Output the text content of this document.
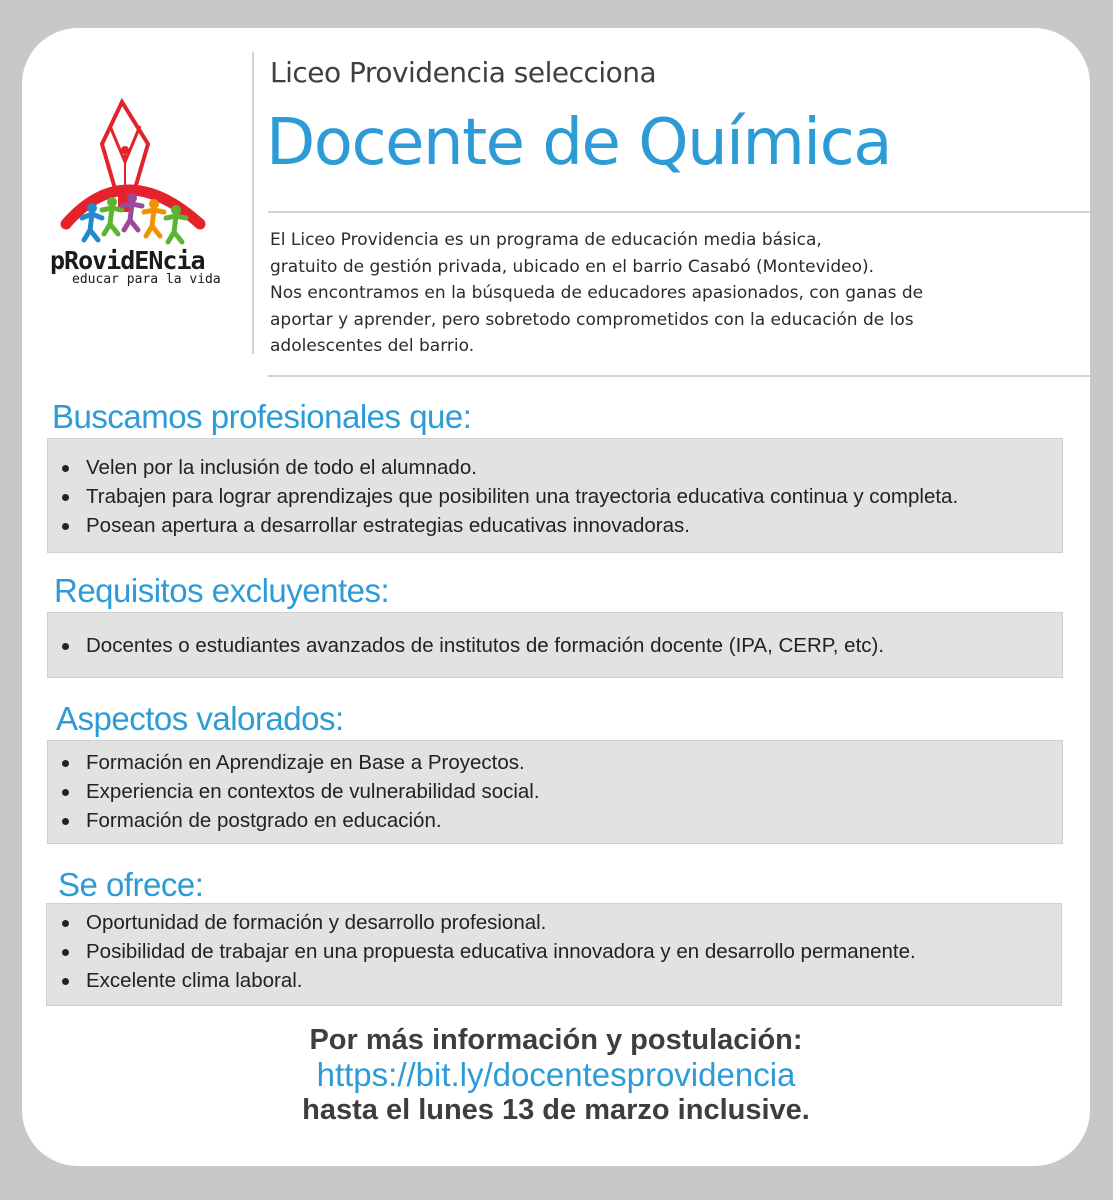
pRovidENcia
educar para la vida
Liceo Providencia selecciona
Docente de Química

El Liceo Providencia es un programa de educación media básica,

gratuito de gestión privada, ubicado en el barrio Casabó (Montevideo).

Nos encontramos en la búsqueda de educadores apasionados, con ganas de

aportar y aprender, pero sobretodo comprometidos con la educación de los

adolescentes del barrio.

Buscamos profesionales que:
Velen por la inclusión de todo el alumnado.
Trabajen para lograr aprendizajes que posibiliten una trayectoria educativa continua y completa.
Posean apertura a desarrollar estrategias educativas innovadoras.
Requisitos excluyentes:
Docentes o estudiantes avanzados de institutos de formación docente (IPA, CERP, etc).
Aspectos valorados:
Formación en Aprendizaje en Base a Proyectos.
Experiencia en contextos de vulnerabilidad social.
Formación de postgrado en educación.
Se ofrece:
Oportunidad de formación y desarrollo profesional.
Posibilidad de trabajar en una propuesta educativa innovadora y en desarrollo permanente.
Excelente clima laboral.
Por más información y postulación:
https://bit.ly/docentesprovidencia
hasta el lunes 13 de marzo inclusive.
